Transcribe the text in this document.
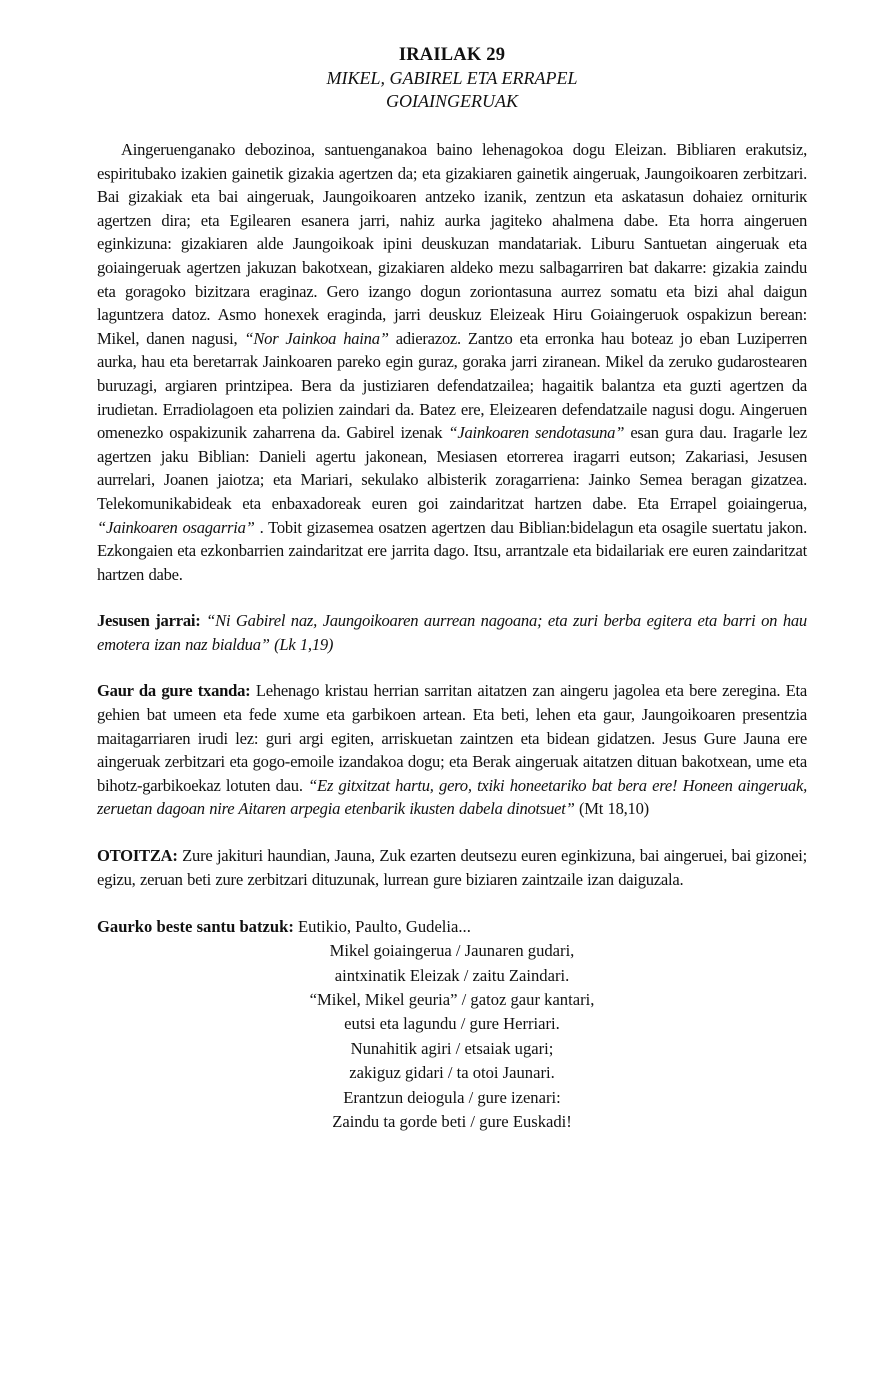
IRAILAK 29
MIKEL, GABIREL ETA ERRAPEL
GOIAINGERUAK

Aingeruenganako debozinoa, santuenganakoa baino lehenagokoa dogu Eleizan. Bibliaren erakutsiz, espiritubako izakien gainetik gizakia agertzen da; eta gizakiaren gainetik aingeruak, Jaungoikoaren zerbitzari. Bai gizakiak eta bai aingeruak, Jaungoikoaren antzeko izanik, zentzun eta askatasun dohaiez ornituriк agertzen dira; eta Egilearen esanera jarri, nahiz aurka jagiteko ahalmena dabe. Eta horra aingeruen eginkizuna: gizakiaren alde Jaungoikoak ipini deuskuzan mandatariak. Liburu Santuetan aingeruak eta goiaingeruak agertzen jakuzan bakotxean, gizakiaren aldeko mezu salbagarriren bat dakarre: gizakia zaindu eta goragoko bizitzara eraginaz. Gero izango dogun zoriontasuna aurrez somatu eta bizi ahal daigun laguntzera datoz. Asmo honexek eraginda, jarri deuskuz Eleizeak Hiru Goiaingeruok ospakizun berean: Mikel, danen nagusi, “Nor Jainkoa haina” adierazoz. Zantzo eta erronka hau boteaz jo eban Luziperren aurka, hau eta beretarrak Jainkoaren pareko egin guraz, goraka jarri ziranean. Mikel da zeruko gudarostearen buruzagi, argiaren printzipea. Bera da justiziaren defendatzailea; hagaitik balantza eta guzti agertzen da irudietan. Erradiolagoen eta polizien zaindari da. Batez ere, Eleizearen defendatzaile nagusi dogu. Aingeruen omenezko ospakizunik zaharrena da. Gabirel izenak “Jainkoaren sendotasuna” esan gura dau. Iragarle lez agertzen jaku Biblian: Danieli agertu jakonean, Mesiasen etorrerea iragarri eutson; Zakariasi, Jesusen aurrelari, Joanen jaiotza; eta Mariari, sekulako albisterik zoragarriena: Jainko Semea beragan gizatzea. Telekomunikabideak eta enbaxadoreak euren goi zaindaritzat hartzen dabe. Eta Errapel goiaingerua, “Jainkoaren osagarria” . Tobit gizasemea osatzen agertzen dau Biblian:bidelagun eta osagile suertatu jakon. Ezkongaien eta ezkonbarrien zaindaritzat ere jarrita dago. Itsu, arrantzale eta bidailariak ere euren zaindaritzat hartzen dabe.

Jesusen jarrai: “Ni Gabirel naz, Jaungoikoaren aurrean nagoana; eta zuri berba egitera eta barri on hau emotera izan naz bialdua” (Lk 1,19)

Gaur da gure txanda: Lehenago kristau herrian sarritan aitatzen zan aingeru jagolea eta bere zeregina. Eta gehien bat umeen eta fede xume eta garbikoen artean. Eta beti, lehen eta gaur, Jaungoikoaren presentzia maitagarriaren irudi lez: guri argi egiten, arriskuetan zaintzen eta bidean gidatzen. Jesus Gure Jauna ere aingeruak zerbitzari eta gogo-emoile izandakoa dogu; eta Berak aingeruak aitatzen dituan bakotxean, ume eta bihotz-garbikoekaz lotuten dau. “Ez gitxitzat hartu, gero, txiki honeetariko bat bera ere! Honeen aingeruak, zeruetan dagoan nire Aitaren arpegia etenbarik ikusten dabela dinotsuet” (Mt 18,10)

OTOITZA: Zure jakituri haundian, Jauna, Zuk ezarten deutsezu euren eginkizuna, bai aingeruei, bai gizonei; egizu, zeruan beti zure zerbitzari dituzunak, lurrean gure biziaren zaintzaile izan daiguzala.

Gaurko beste santu batzuk: Eutikio, Paulto, Gudelia...
Mikel goiaingerua / Jaunaren gudari,
aintxinatik Eleizak / zaitu Zaindari.
“Mikel, Mikel geuria” / gatoz gaur kantari,
eutsi eta lagundu / gure Herriari.
Nunahitik agiri / etsaiak ugari;
zakiguz gidari / ta otoi Jaunari.
Erantzun deiogula / gure izenari:
Zaindu ta gorde beti / gure Euskadi!
